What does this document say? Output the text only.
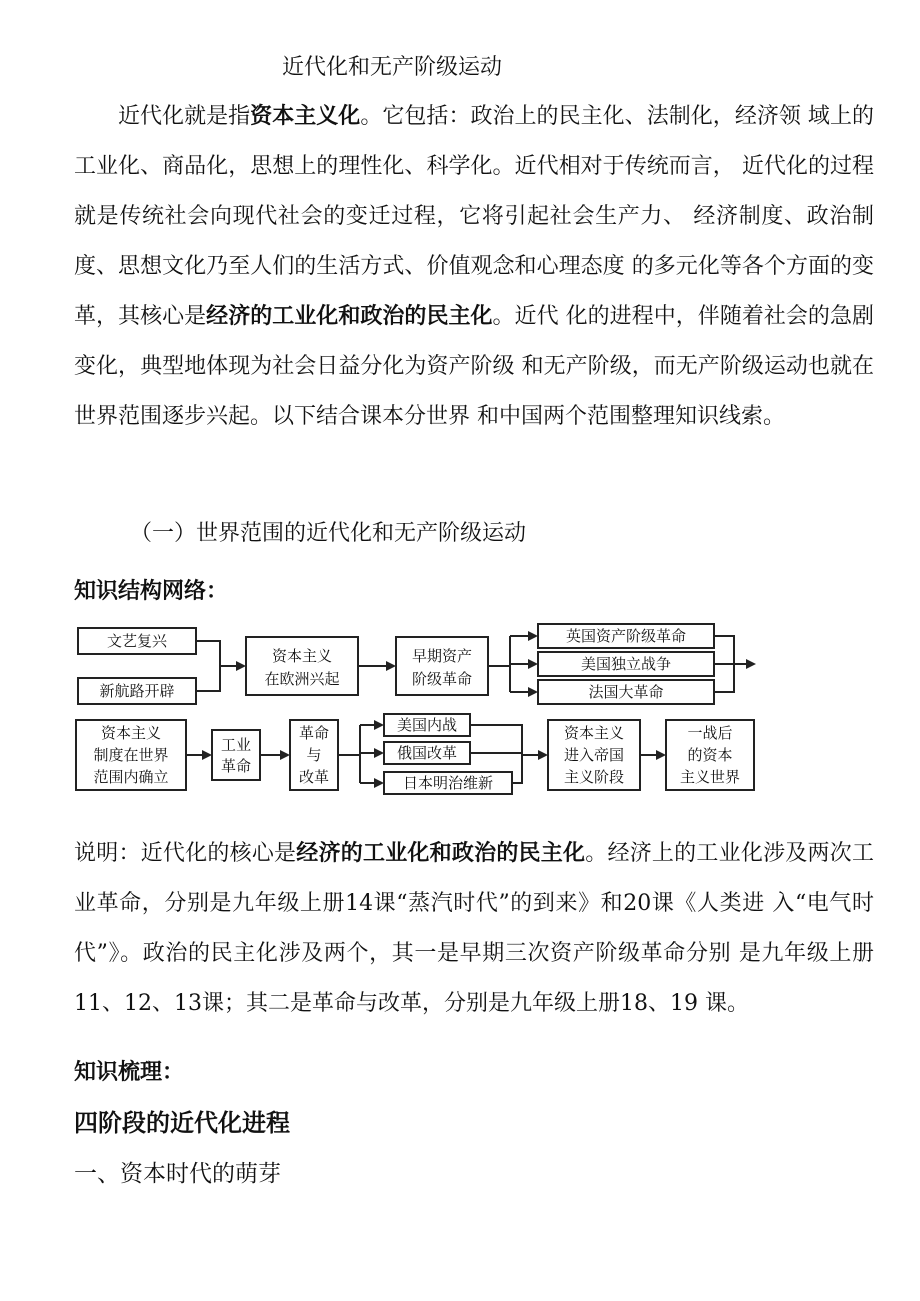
近代化和无产阶级运动

近代化就是指资本主义化。它包括：政治上的民主化、法制化，经济领 域上的工业化、商品化，思想上的理性化、科学化。近代相对于传统而言， 近代化的过程就是传统社会向现代社会的变迁过程，它将引起社会生产力、 经济制度、政治制度、思想文化乃至人们的生活方式、价值观念和心理态度 的多元化等各个方面的变革，其核心是经济的工业化和政治的民主化。近代 化的进程中，伴随着社会的急剧变化，典型地体现为社会日益分化为资产阶级 和无产阶级，而无产阶级运动也就在世界范围逐步兴起。以下结合课本分世界 和中国两个范围整理知识线索。

（一）世界范围的近代化和无产阶级运动
知识结构网络：
文艺复兴
新航路开辟
资本主义
在欧洲兴起
早期资产
阶级革命
英国资产阶级革命
美国独立战争
法国大革命
资本主义
制度在世界
范围内确立
工业
革命
革命
与
改革
美国内战
俄国改革
日本明治维新
资本主义
进入帝国
主义阶段
一战后
的资本
主义世界

说明：近代化的核心是经济的工业化和政治的民主化。经济上的工业化涉及两次工业革命，分别是九年级上册14课“蒸汽时代”的到来》和20课《人类进 入“电气时代”》。政治的民主化涉及两个，其一是早期三次资产阶级革命分别 是九年级上册11、12、13课；其二是革命与改革，分别是九年级上册18、19 课。

知识梳理：
四阶段的近代化进程
一、资本时代的萌芽
